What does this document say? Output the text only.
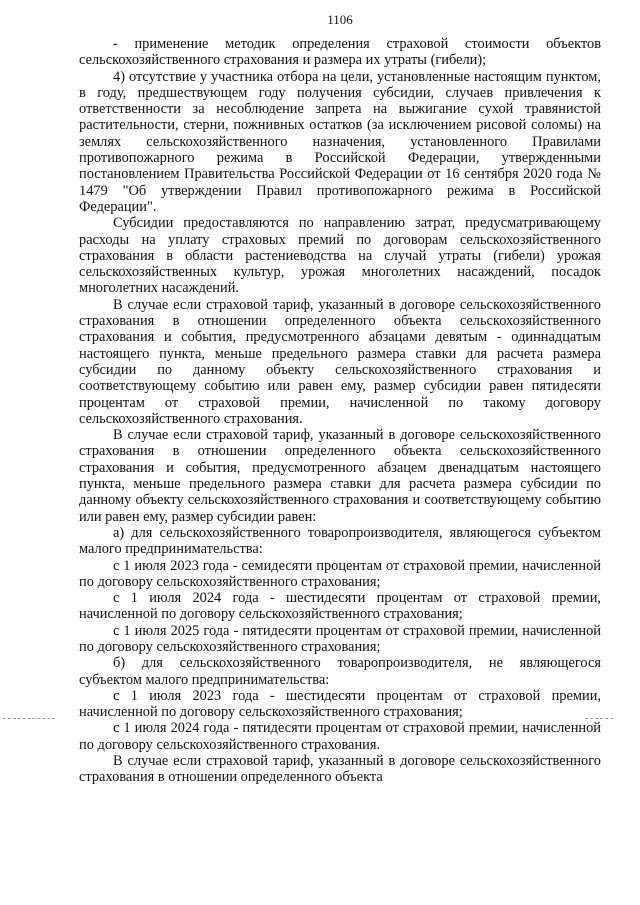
1106

- применение методик определения страховой стоимости объектов сельскохозяйственного страхования и размера их утраты (гибели);

4) отсутствие у участника отбора на цели, установленные настоящим пунктом, в году, предшествующем году получения субсидии, случаев привлечения к ответственности за несоблюдение запрета на выжигание сухой травянистой растительности, стерни, пожнивных остатков (за исключением рисовой соломы) на землях сельскохозяйственного назначения, установленного Правилами противопожарного режима в Российской Федерации, утвержденными постановлением Правительства Российской Федерации от 16 сентября 2020 года № 1479 "Об утверждении Правил противопожарного режима в Российской Федерации".

Субсидии предоставляются по направлению затрат, предусматривающему расходы на уплату страховых премий по договорам сельскохозяйственного страхования в области растениеводства на случай утраты (гибели) урожая сельскохозяйственных культур, урожая многолетних насаждений, посадок многолетних насаждений.

В случае если страховой тариф, указанный в договоре сельскохозяйственного страхования в отношении определенного объекта сельскохозяйственного страхования и события, предусмотренного абзацами девятым - одиннадцатым настоящего пункта, меньше предельного размера ставки для расчета размера субсидии по данному объекту сельскохозяйственного страхования и соответствующему событию или равен ему, размер субсидии равен пятидесяти процентам от страховой премии, начисленной по такому договору сельскохозяйственного страхования.

В случае если страховой тариф, указанный в договоре сельскохозяйственного страхования в отношении определенного объекта сельскохозяйственного страхования и события, предусмотренного абзацем двенадцатым настоящего пункта, меньше предельного размера ставки для расчета размера субсидии по данному объекту сельскохозяйственного страхования и соответствующему событию или равен ему, размер субсидии равен:

а) для сельскохозяйственного товаропроизводителя, являющегося субъектом малого предпринимательства:

с 1 июля 2023 года - семидесяти процентам от страховой премии, начисленной по договору сельскохозяйственного страхования;

с 1 июля 2024 года - шестидесяти процентам от страховой премии, начисленной по договору сельскохозяйственного страхования;

с 1 июля 2025 года - пятидесяти процентам от страховой премии, начисленной по договору сельскохозяйственного страхования;

б) для сельскохозяйственного товаропроизводителя, не являющегося субъектом малого предпринимательства:

с 1 июля 2023 года - шестидесяти процентам от страховой премии, начисленной по договору сельскохозяйственного страхования;

с 1 июля 2024 года - пятидесяти процентам от страховой премии, начисленной по договору сельскохозяйственного страхования.

В случае если страховой тариф, указанный в договоре сельскохозяйственного страхования в отношении определенного объекта
